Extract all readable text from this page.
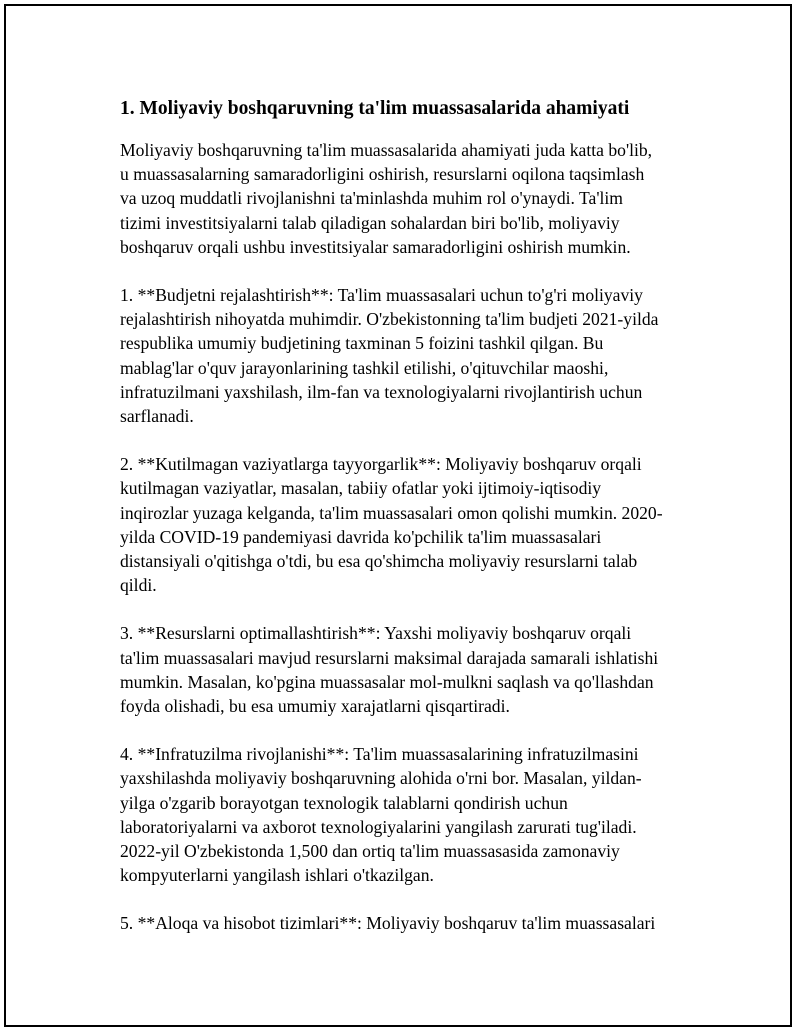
1. Moliyaviy boshqaruvning ta'lim muassasalarida ahamiyati

Moliyaviy boshqaruvning ta'lim muassasalarida ahamiyati juda katta bo'lib,
u muassasalarning samaradorligini oshirish, resurslarni oqilona taqsimlash
va uzoq muddatli rivojlanishni ta'minlashda muhim rol o'ynaydi. Ta'lim
tizimi investitsiyalarni talab qiladigan sohalardan biri bo'lib, moliyaviy
boshqaruv orqali ushbu investitsiyalar samaradorligini oshirish mumkin.

1. **Budjetni rejalashtirish**: Ta'lim muassasalari uchun to'g'ri moliyaviy
rejalashtirish nihoyatda muhimdir. O'zbekistonning ta'lim budjeti 2021-yilda
respublika umumiy budjetining taxminan 5 foizini tashkil qilgan. Bu
mablag'lar o'quv jarayonlarining tashkil etilishi, o'qituvchilar maoshi,
infratuzilmani yaxshilash, ilm-fan va texnologiyalarni rivojlantirish uchun
sarflanadi.

2. **Kutilmagan vaziyatlarga tayyorgarlik**: Moliyaviy boshqaruv orqali
kutilmagan vaziyatlar, masalan, tabiiy ofatlar yoki ijtimoiy-iqtisodiy
inqirozlar yuzaga kelganda, ta'lim muassasalari omon qolishi mumkin. 2020-
yilda COVID-19 pandemiyasi davrida ko'pchilik ta'lim muassasalari
distansiyali o'qitishga o'tdi, bu esa qo'shimcha moliyaviy resurslarni talab
qildi.

3. **Resurslarni optimallashtirish**: Yaxshi moliyaviy boshqaruv orqali
ta'lim muassasalari mavjud resurslarni maksimal darajada samarali ishlatishi
mumkin. Masalan, ko'pgina muassasalar mol-mulkni saqlash va qo'llashdan
foyda olishadi, bu esa umumiy xarajatlarni qisqartiradi.

4. **Infratuzilma rivojlanishi**: Ta'lim muassasalarining infratuzilmasini
yaxshilashda moliyaviy boshqaruvning alohida o'rni bor. Masalan, yildan-
yilga o'zgarib borayotgan texnologik talablarni qondirish uchun
laboratoriyalarni va axborot texnologiyalarini yangilash zarurati tug'iladi.
2022-yil O'zbekistonda 1,500 dan ortiq ta'lim muassasasida zamonaviy
kompyuterlarni yangilash ishlari o'tkazilgan.

5. **Aloqa va hisobot tizimlari**: Moliyaviy boshqaruv ta'lim muassasalari
